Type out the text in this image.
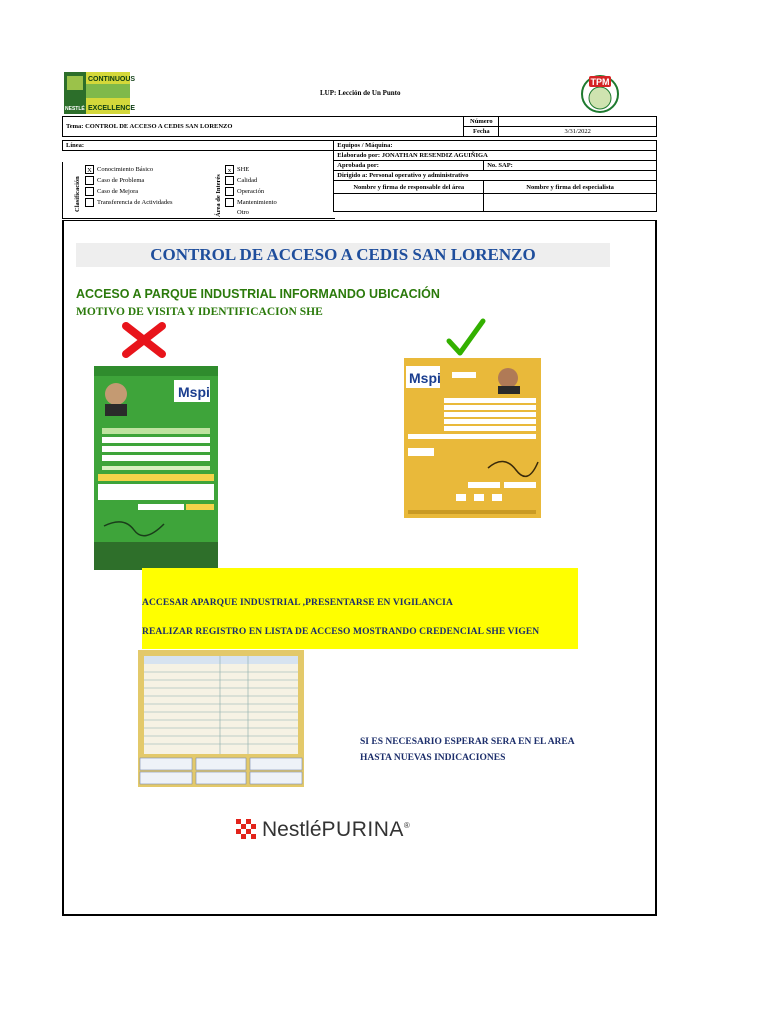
CONTINUOUS
EXCELLENCE
NESTLÉ
LUP: Lección de Un Punto
TPM
Tema: CONTROL DE ACCESO A CEDIS SAN LORENZO	Número	
	Fecha	3/31/2022
Línea:	Equipos / Máquina:	
	Elaborado por: JONATHAN RESENDIZ AGUIÑIGA	
	Aprobada por:	No. SAP:
	Dirigido a: Personal operativo y administrativo	
	Nombre y firma de responsable del área	Nombre y firma del especialista

Clasificación
X Conocimiento Básico
Caso de Problema
Caso de Mejora
Transferencia de Actividades	Área de Interés
x SHE
Calidad
Operación
Mantenimiento
Otro
CONTROL DE ACCESO A CEDIS SAN LORENZO
ACCESO A PARQUE INDUSTRIAL INFORMANDO UBICACIÓN
MOTIVO DE VISITA Y IDENTIFICACION SHE
Mspi
Mspi
ACCESAR APARQUE INDUSTRIAL ,PRESENTARSE EN VIGILANCIA
REALIZAR REGISTRO EN LISTA DE ACCESO MOSTRANDO CREDENCIAL SHE VIGEN
SI ES NECESARIO ESPERAR SERA EN EL AREA
HASTA NUEVAS INDICACIONES
NestléPURINA®
